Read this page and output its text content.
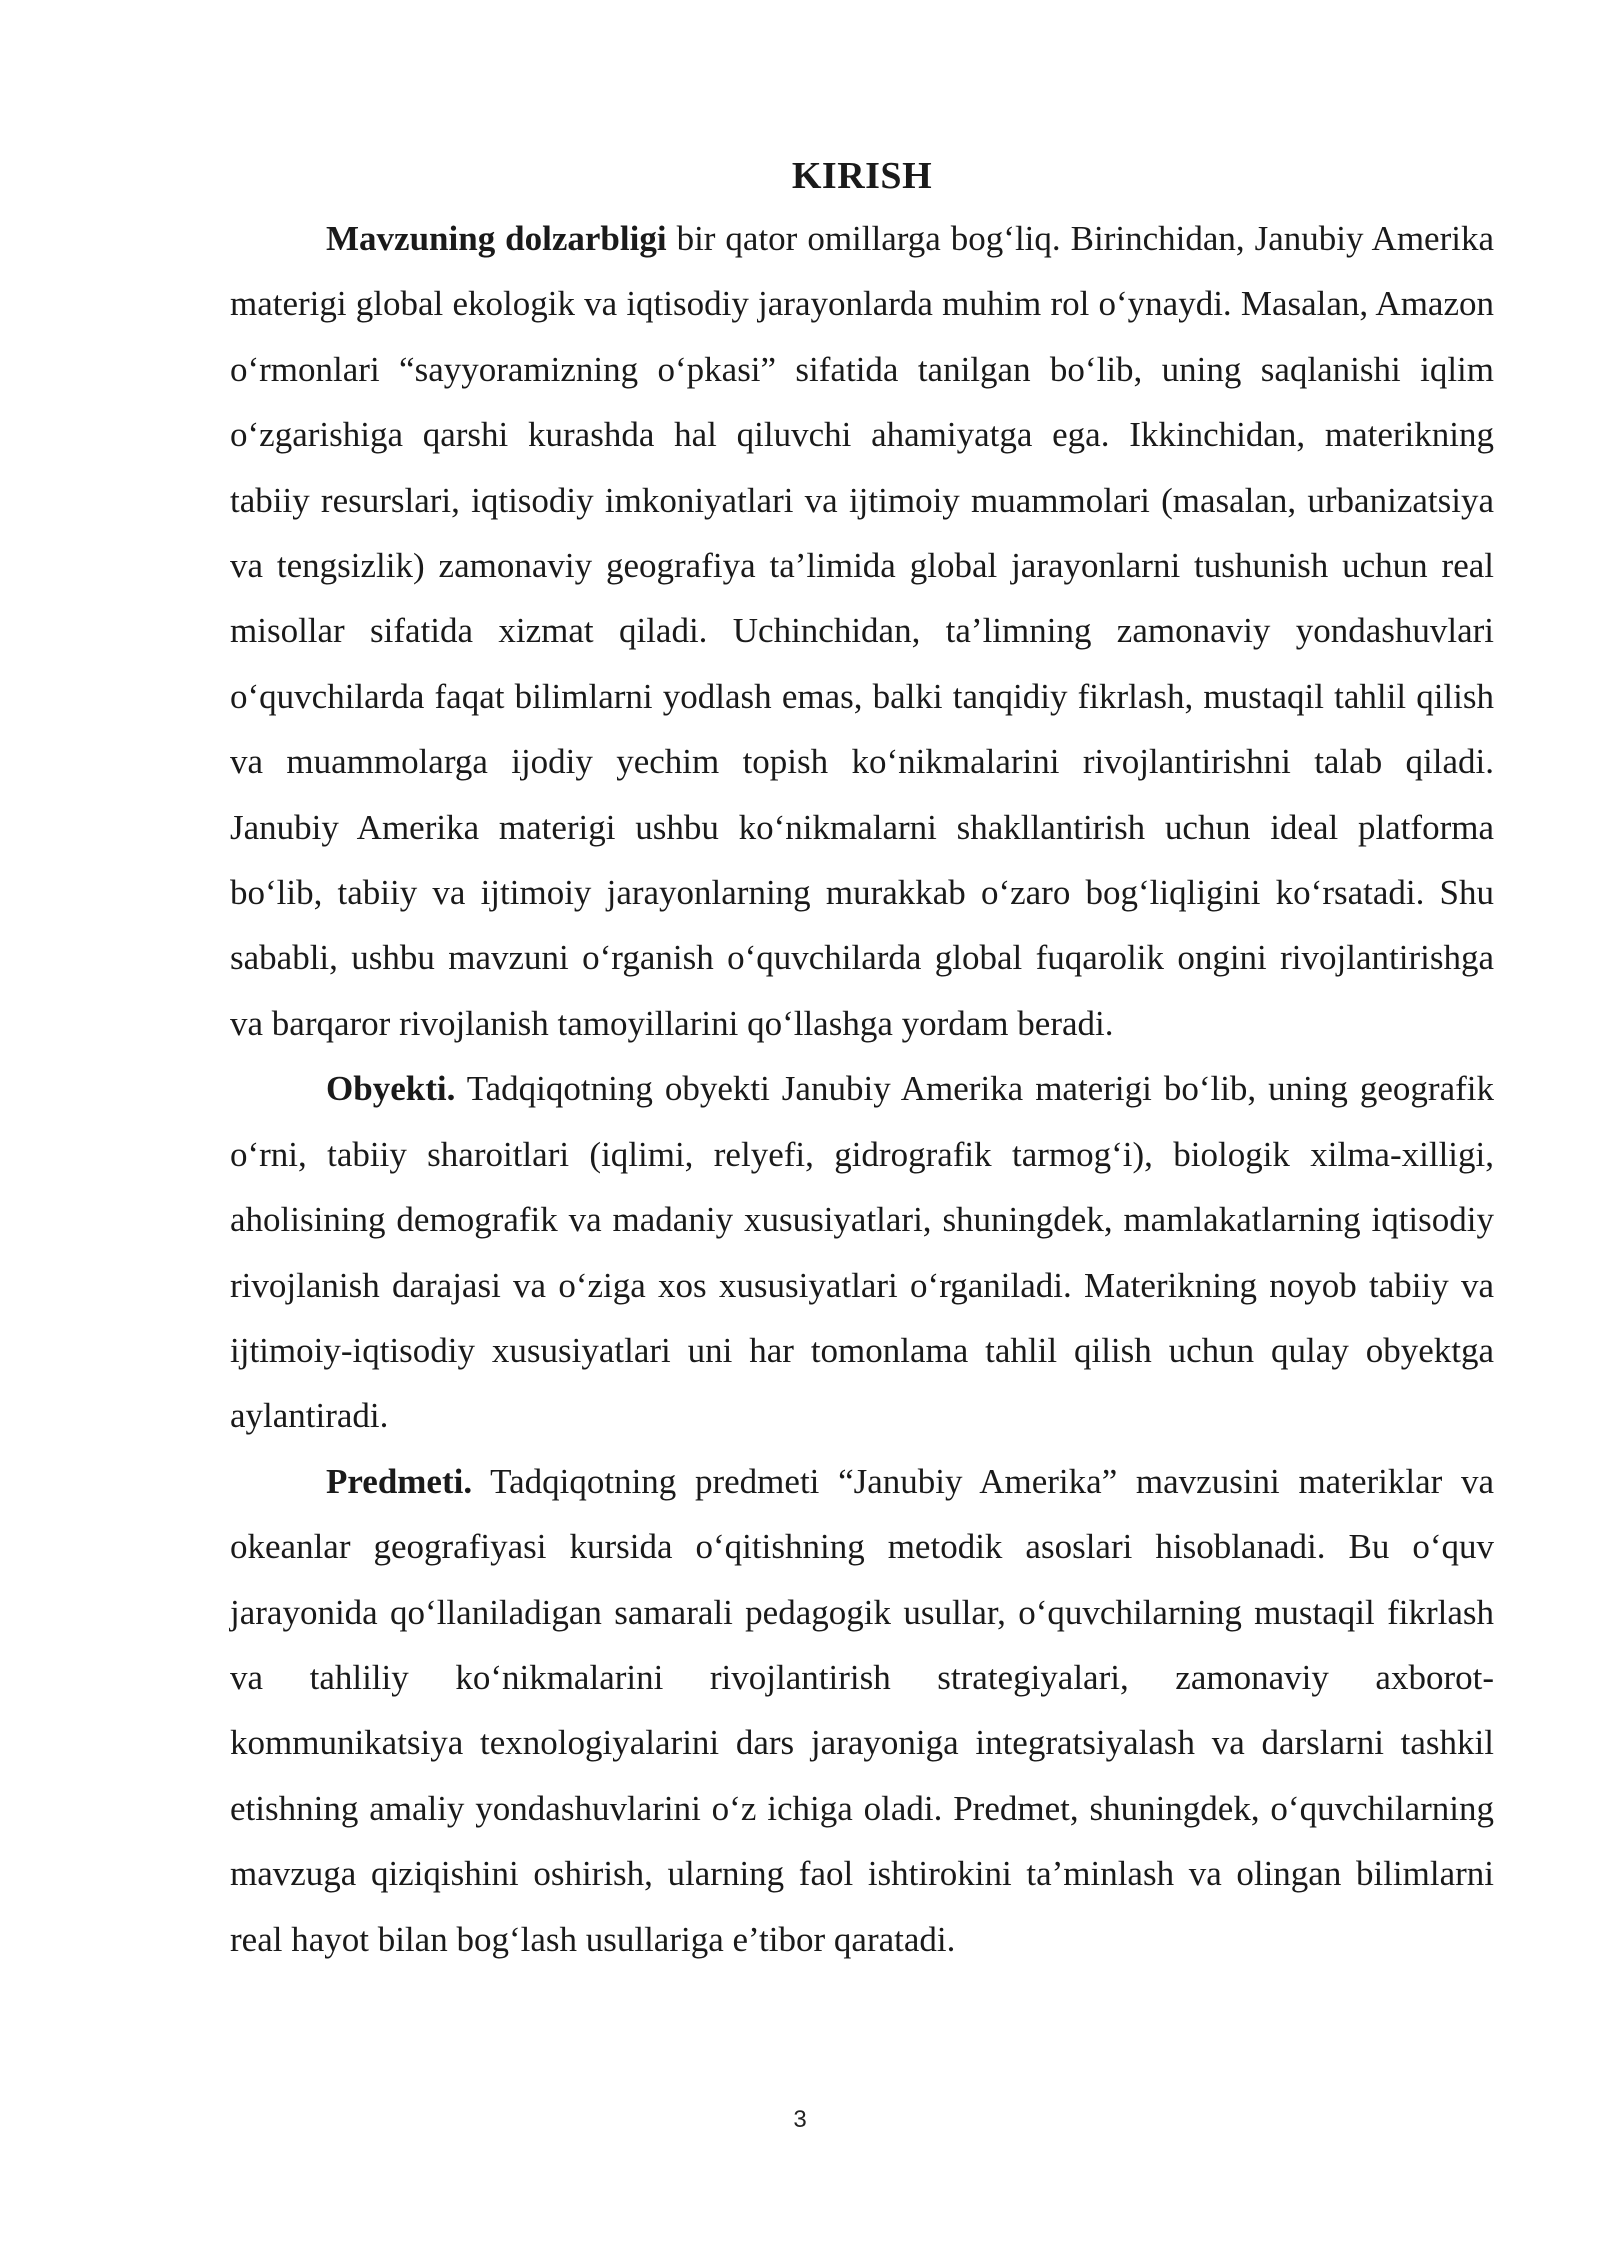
KIRISH

Mavzuning dolzarbligi bir qator omillarga bog‘liq. Birinchidan, Janubiy Amerika materigi global ekologik va iqtisodiy jarayonlarda muhim rol o‘ynaydi. Masalan, Amazon o‘rmonlari “sayyoramizning o‘pkasi” sifatida tanilgan bo‘lib, uning saqlanishi iqlim o‘zgarishiga qarshi kurashda hal qiluvchi ahamiyatga ega. Ikkinchidan, materikning tabiiy resurslari, iqtisodiy imkoniyatlari va ijtimoiy muammolari (masalan, urbanizatsiya va tengsizlik) zamonaviy geografiya ta’limida global jarayonlarni tushunish uchun real misollar sifatida xizmat qiladi. Uchinchidan, ta’limning zamonaviy yondashuvlari o‘quvchilarda faqat bilimlarni yodlash emas, balki tanqidiy fikrlash, mustaqil tahlil qilish va muammolarga ijodiy yechim topish ko‘nikmalarini rivojlantirishni talab qiladi. Janubiy Amerika materigi ushbu ko‘nikmalarni shakllantirish uchun ideal platforma bo‘lib, tabiiy va ijtimoiy jarayonlarning murakkab o‘zaro bog‘liqligini ko‘rsatadi. Shu sababli, ushbu mavzuni o‘rganish o‘quvchilarda global fuqarolik ongini rivojlantirishga va barqaror rivojlanish tamoyillarini qo‘llashga yordam beradi.

Obyekti. Tadqiqotning obyekti Janubiy Amerika materigi bo‘lib, uning geografik o‘rni, tabiiy sharoitlari (iqlimi, relyefi, gidrografik tarmog‘i), biologik xilma-xilligi, aholisining demografik va madaniy xususiyatlari, shuningdek, mamlakatlarning iqtisodiy rivojlanish darajasi va o‘ziga xos xususiyatlari o‘rganiladi. Materikning noyob tabiiy va ijtimoiy-iqtisodiy xususiyatlari uni har tomonlama tahlil qilish uchun qulay obyektga aylantiradi.

Predmeti. Tadqiqotning predmeti “Janubiy Amerika” mavzusini materiklar va okeanlar geografiyasi kursida o‘qitishning metodik asoslari hisoblanadi. Bu o‘quv jarayonida qo‘llaniladigan samarali pedagogik usullar, o‘quvchilarning mustaqil fikrlash va tahliliy ko‘nikmalarini rivojlantirish strategiyalari, zamonaviy axborot-kommunikatsiya texnologiyalarini dars jarayoniga integratsiyalash va darslarni tashkil etishning amaliy yondashuvlarini o‘z ichiga oladi. Predmet, shuningdek, o‘quvchilarning mavzuga qiziqishini oshirish, ularning faol ishtirokini ta’minlash va olingan bilimlarni real hayot bilan bog‘lash usullariga e’tibor qaratadi.

3
